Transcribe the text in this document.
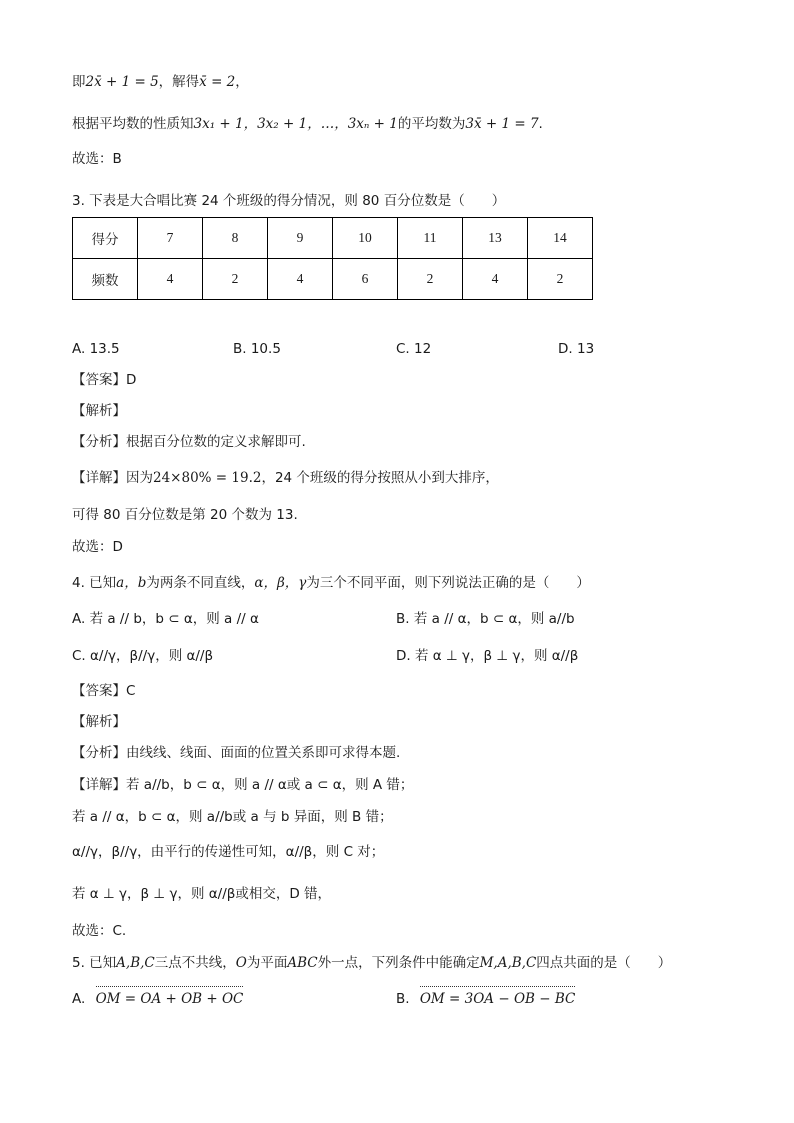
即2x̄ + 1 = 5，解得x̄ = 2，
根据平均数的性质知3x₁ + 1，3x₂ + 1，…，3xₙ + 1的平均数为3x̄ + 1 = 7.
故选：B
3. 下表是大合唱比赛 24 个班级的得分情况，则 80 百分位数是（　　）
得分	7	8	9	10	11	13	14
频数	4	2	4	6	2	4	2
A. 13.5	B. 10.5	C. 12	D. 13
【答案】D
【解析】
【分析】根据百分位数的定义求解即可.
【详解】因为24×80% = 19.2，24 个班级的得分按照从小到大排序，
可得 80 百分位数是第 20 个数为 13.
故选：D
4. 已知a，b为两条不同直线，α，β，γ为三个不同平面，则下列说法正确的是（　　）
A. 若 a // b，b ⊂ α，则 a // α	B. 若 a // α，b ⊂ α，则 a//b
C. α//γ，β//γ，则 α//β	D. 若 α ⊥ γ，β ⊥ γ，则 α//β
【答案】C
【解析】
【分析】由线线、线面、面面的位置关系即可求得本题.
【详解】若 a//b，b ⊂ α，则 a // α或 a ⊂ α，则 A 错；
若 a // α，b ⊂ α，则 a//b或 a 与 b 异面，则 B 错；
α//γ，β//γ，由平行的传递性可知，α//β，则 C 对；
若 α ⊥ γ，β ⊥ γ，则 α//β或相交，D 错，
故选：C.
5. 已知A,B,C三点不共线，O为平面ABC外一点，下列条件中能确定M,A,B,C四点共面的是（　　）
A. OM = OA + OB + OC	B. OM = 3OA − OB − BC
